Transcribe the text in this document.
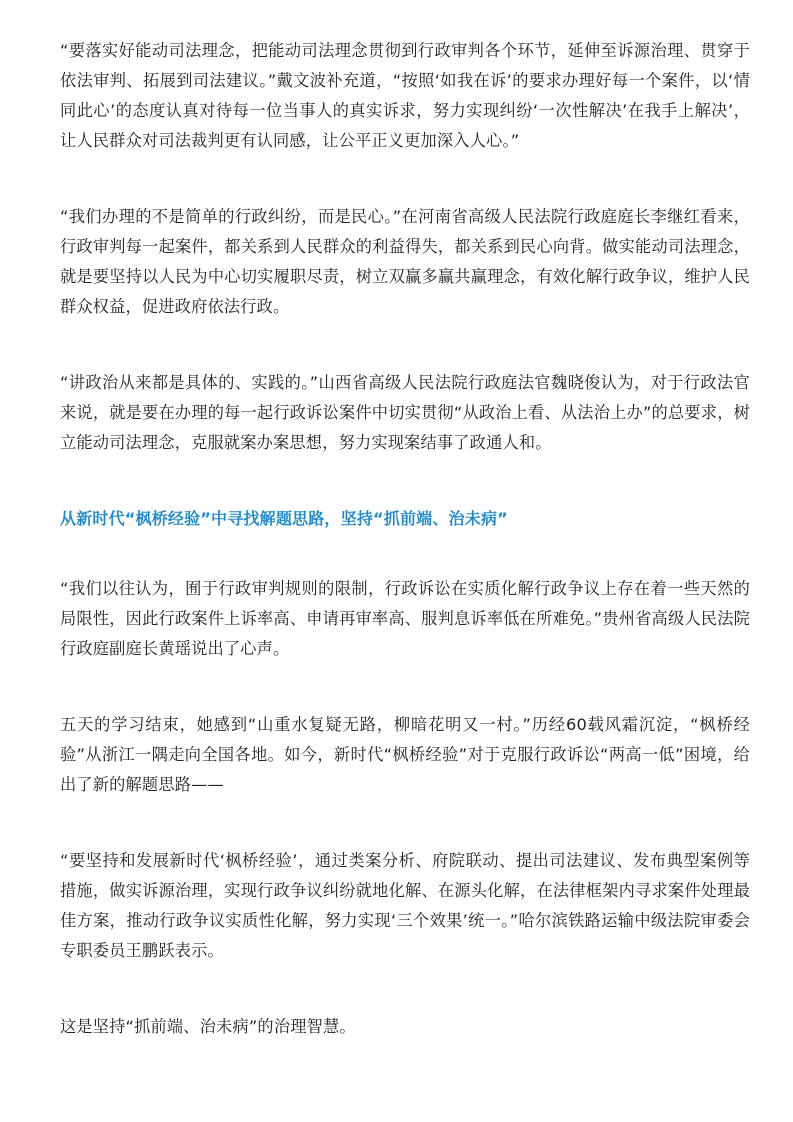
“要落实好能动司法理念，把能动司法理念贯彻到行政审判各个环节，延伸至诉源治理、贯穿于依法审判、拓展到司法建议。”戴文波补充道，“按照‘如我在诉’的要求办理好每一个案件，以‘情同此心’的态度认真对待每一位当事人的真实诉求，努力实现纠纷‘一次性解决’在我手上解决’，让人民群众对司法裁判更有认同感，让公平正义更加深入人心。”

“我们办理的不是简单的行政纠纷，而是民心。”在河南省高级人民法院行政庭庭长李继红看来，行政审判每一起案件，都关系到人民群众的利益得失，都关系到民心向背。做实能动司法理念，就是要坚持以人民为中心切实履职尽责，树立双赢多赢共赢理念，有效化解行政争议，维护人民群众权益，促进政府依法行政。

“讲政治从来都是具体的、实践的。”山西省高级人民法院行政庭法官魏晓俊认为，对于行政法官来说，就是要在办理的每一起行政诉讼案件中切实贯彻“从政治上看、从法治上办”的总要求，树立能动司法理念，克服就案办案思想，努力实现案结事了政通人和。

从新时代“枫桥经验”中寻找解题思路，坚持“抓前端、治未病”

“我们以往认为，囿于行政审判规则的限制，行政诉讼在实质化解行政争议上存在着一些天然的局限性，因此行政案件上诉率高、申请再审率高、服判息诉率低在所难免。”贵州省高级人民法院行政庭副庭长黄瑶说出了心声。

五天的学习结束，她感到“山重水复疑无路，柳暗花明又一村。”历经60载风霜沉淀，“枫桥经验”从浙江一隅走向全国各地。如今，新时代“枫桥经验”对于克服行政诉讼“两高一低”困境，给出了新的解题思路——

“要坚持和发展新时代‘枫桥经验’，通过类案分析、府院联动、提出司法建议、发布典型案例等措施，做实诉源治理，实现行政争议纠纷就地化解、在源头化解，在法律框架内寻求案件处理最佳方案，推动行政争议实质性化解，努力实现‘三个效果’统一。”哈尔滨铁路运输中级法院审委会专职委员王鹏跃表示。

这是坚持“抓前端、治未病”的治理智慧。
